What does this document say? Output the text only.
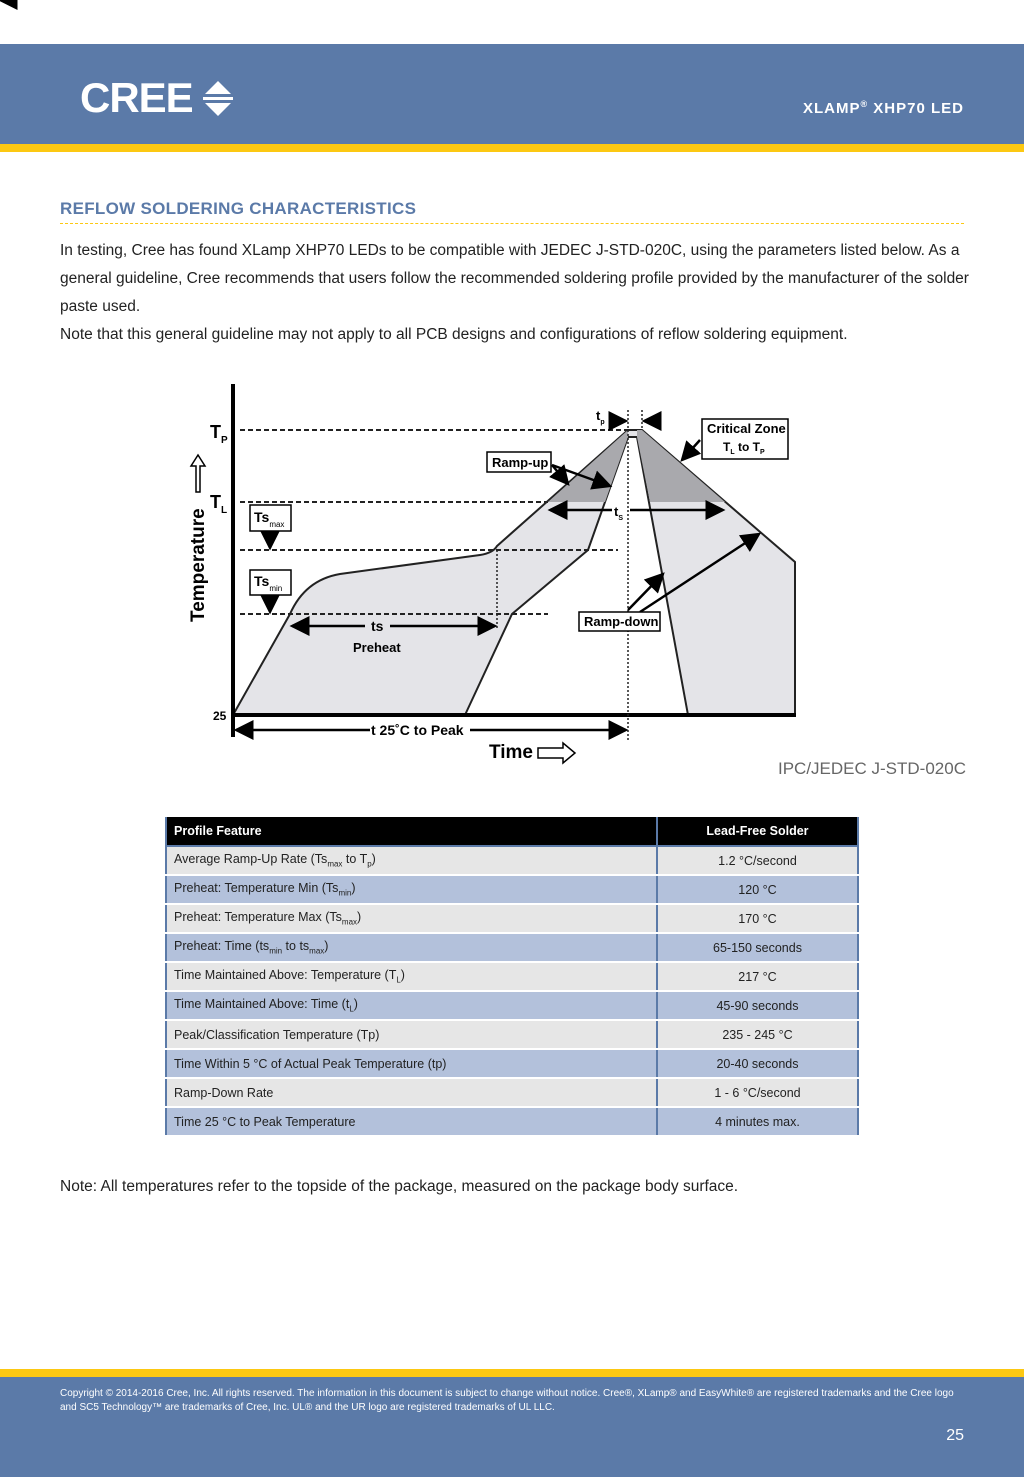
CREE	XLAMP® XHP70 LED
REFLOW SOLDERING CHARACTERISTICS
In testing, Cree has found XLamp XHP70 LEDs to be compatible with JEDEC J-STD-020C, using the parameters listed below. As a general guideline, Cree recommends that users follow the recommended soldering profile provided by the manufacturer of the solder paste used.
Note that this general guideline may not apply to all PCB designs and configurations of reflow soldering equipment.
Temperature
$T_P$
$T_L$ $Ts_{max}$
$Ts_{min}$
25
ts
Preheat
Ramp-up
Ramp-down
Critical Zone
$T_L$ to $T_P$
$t_p$
$t_S$
t 25˚C to Peak
Time
IPC/JEDEC J-STD-020C
Profile Feature	Lead-Free Solder
Average Ramp-Up Rate ($Ts_{max}$ to $T_p$)	1.2 °C/second
Preheat: Temperature Min $(Ts_{min})$	120 °C
Preheat: Temperature Max $(Ts_{max})$	170 °C
Preheat: Time ($ts_{min}$ to $ts_{max}$)	65-150 seconds
Time Maintained Above: Temperature $(T_L)$	217 °C
Time Maintained Above: Time $(t_L)$	45-90 seconds
Peak/Classification Temperature (Tp)	235 - 245 °C
Time Within 5 °C of Actual Peak Temperature (tp)	20-40 seconds
Ramp-Down Rate	1 - 6 °C/second
Time 25 °C to Peak Temperature	4 minutes max.
Note: All temperatures refer to the topside of the package, measured on the package body surface.
Copyright © 2014-2016 Cree, Inc. All rights reserved. The information in this document is subject to change without notice. Cree®, XLamp® and EasyWhite® are registered trademarks and the Cree logo and SC5 Technology™ are trademarks of Cree, Inc. UL® and the UR logo are registered trademarks of UL LLC.
25
